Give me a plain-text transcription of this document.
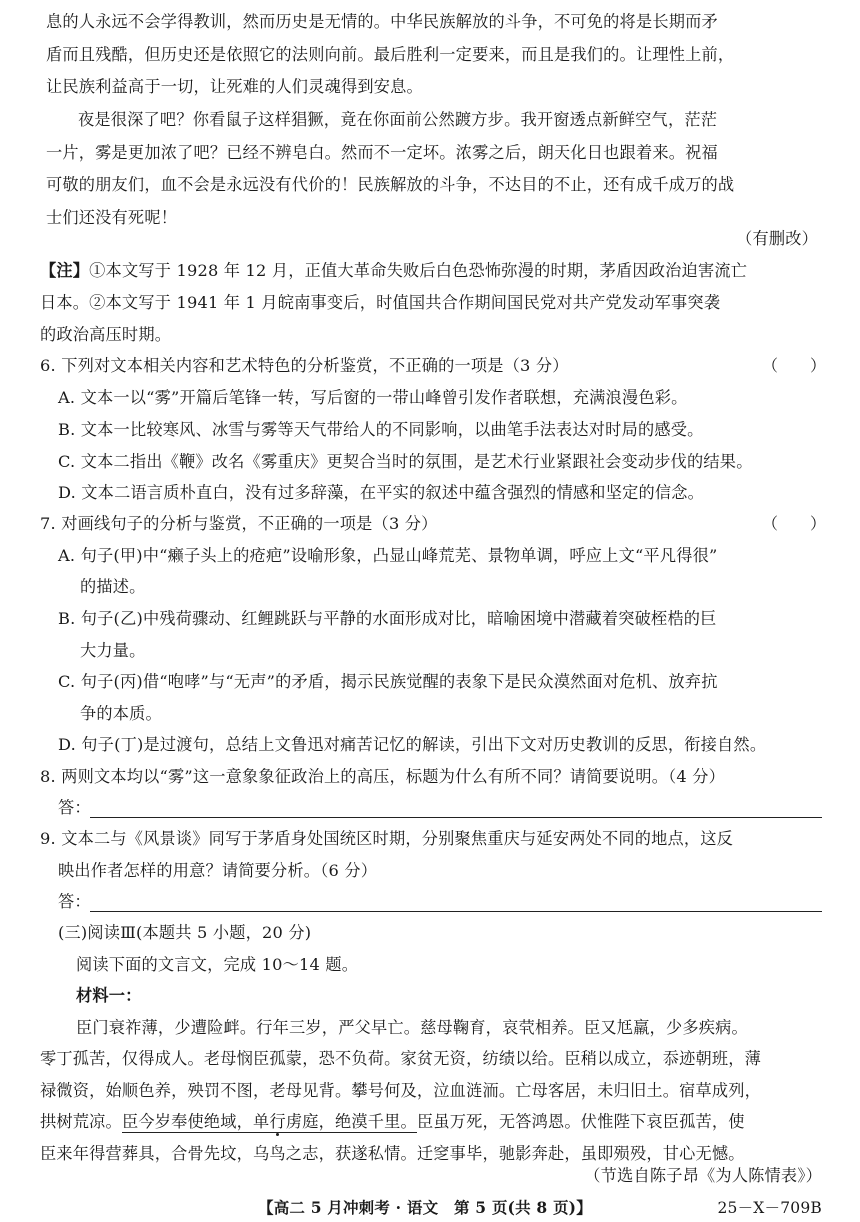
息的人永远不会学得教训，然而历史是无情的。中华民族解放的斗争，不可免的将是长期而矛
盾而且残酷，但历史还是依照它的法则向前。最后胜利一定要来，而且是我们的。让理性上前，
让民族利益高于一切，让死难的人们灵魂得到安息。
夜是很深了吧？你看鼠子这样猖獗，竟在你面前公然踱方步。我开窗透点新鲜空气，茫茫
一片，雾是更加浓了吧？已经不辨皂白。然而不一定坏。浓雾之后，朗天化日也跟着来。祝福
可敬的朋友们，血不会是永远没有代价的！民族解放的斗争，不达目的不止，还有成千成万的战
士们还没有死呢！
（有删改）
【注】①本文写于 1928 年 12 月，正值大革命失败后白色恐怖弥漫的时期，茅盾因政治迫害流亡
日本。②本文写于 1941 年 1 月皖南事变后，时值国共合作期间国民党对共产党发动军事突袭
的政治高压时期。
6. 下列对文本相关内容和艺术特色的分析鉴赏，不正确的一项是（3 分）	（　　）
A. 文本一以“雾”开篇后笔锋一转，写后窗的一带山峰曾引发作者联想，充满浪漫色彩。
B. 文本一比较寒风、冰雪与雾等天气带给人的不同影响，以曲笔手法表达对时局的感受。
C. 文本二指出《鞭》改名《雾重庆》更契合当时的氛围，是艺术行业紧跟社会变动步伐的结果。
D. 文本二语言质朴直白，没有过多辞藻，在平实的叙述中蕴含强烈的情感和坚定的信念。
7. 对画线句子的分析与鉴赏，不正确的一项是（3 分）	（　　）
A. 句子(甲)中“癞子头上的疮疤”设喻形象，凸显山峰荒芜、景物单调，呼应上文“平凡得很”
的描述。
B. 句子(乙)中残荷骤动、红鲤跳跃与平静的水面形成对比，暗喻困境中潜藏着突破桎梏的巨
大力量。
C. 句子(丙)借“咆哮”与“无声”的矛盾，揭示民族觉醒的表象下是民众漠然面对危机、放弃抗
争的本质。
D. 句子(丁)是过渡句，总结上文鲁迅对痛苦记忆的解读，引出下文对历史教训的反思，衔接自然。
8. 两则文本均以“雾”这一意象象征政治上的高压，标题为什么有所不同？请简要说明。（4 分）
答：
9. 文本二与《风景谈》同写于茅盾身处国统区时期，分别聚焦重庆与延安两处不同的地点，这反
映出作者怎样的用意？请简要分析。（6 分）
答：
(三)阅读Ⅲ(本题共 5 小题，20 分)
阅读下面的文言文，完成 10～14 题。
材料一：
臣门衰祚薄，少遭险衅。行年三岁，严父早亡。慈母鞠育，哀茕相养。臣又尪羸，少多疾病。
零丁孤苦，仅得成人。老母悯臣孤蒙，恐不负荷。家贫无资，纺绩以给。臣稍以成立，忝迹朝班，薄
禄微资，始顺色养，殃罚不图，老母见背。攀号何及，泣血涟洏。亡母客居，未归旧土。宿草成列，
拱树荒凉。臣今岁奉使绝域，单行虏庭，绝漠千里。臣虽万死，无答鸿恩。伏惟陛下哀臣孤苦，使
臣来年得营葬具，合骨先坟，乌鸟之志，获遂私情。迁窆事毕，驰影奔赴，虽即殒殁，甘心无憾。
（节选自陈子昂《为人陈情表》）
【高二 5 月冲刺考 · 语文　第 5 页(共 8 页)】	25－X－709B
